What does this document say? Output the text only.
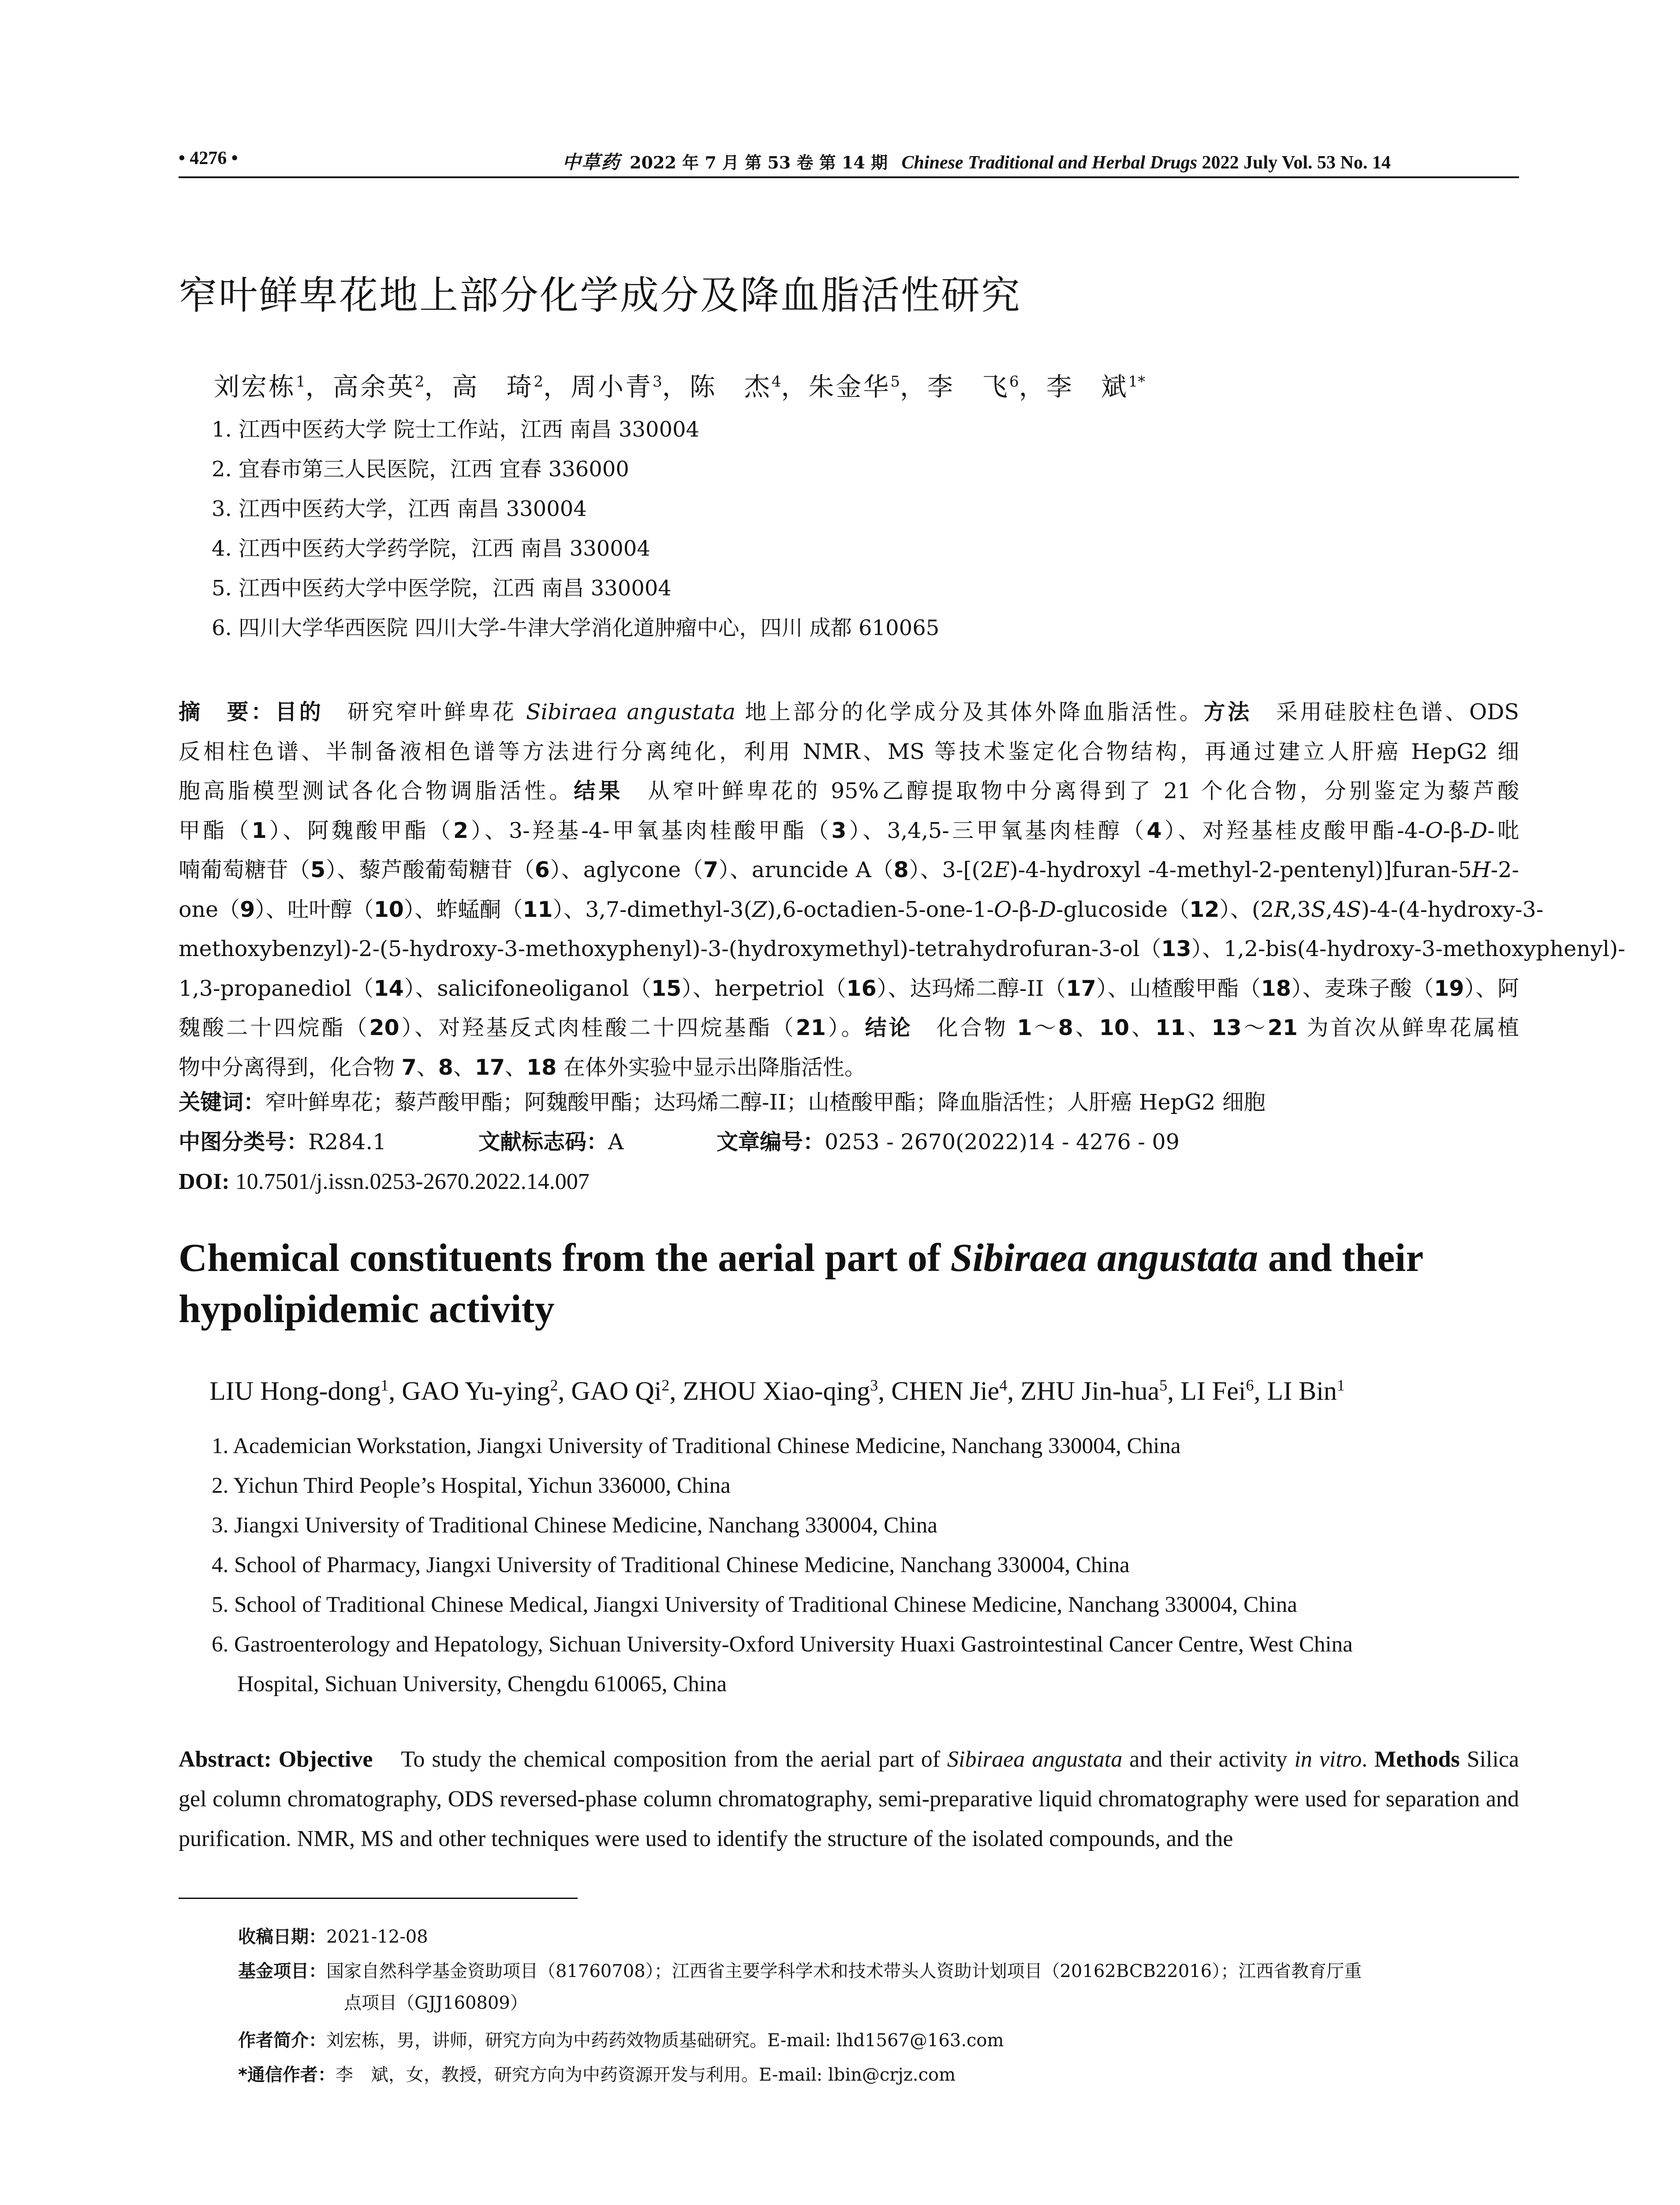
• 4276 •	中草药 2022 年 7 月 第 53 卷 第 14 期 Chinese Traditional and Herbal Drugs 2022 July Vol. 53 No. 14
窄叶鲜卑花地上部分化学成分及降血脂活性研究
刘宏栋$^1$，高余英$^2$，高　琦$^2$，周小青$^3$，陈　杰$^4$，朱金华$^5$，李　飞$^6$，李　斌$^{1*}$
1. 江西中医药大学 院士工作站，江西 南昌 330004
2. 宜春市第三人民医院，江西 宜春 336000
3. 江西中医药大学，江西 南昌 330004
4. 江西中医药大学药学院，江西 南昌 330004
5. 江西中医药大学中医学院，江西 南昌 330004
6. 四川大学华西医院 四川大学-牛津大学消化道肿瘤中心，四川 成都 610065
摘　要：目的　研究窄叶鲜卑花 Sibiraea angustata 地上部分的化学成分及其体外降血脂活性。方法　采用硅胶柱色谱、ODS
反相柱色谱、半制备液相色谱等方法进行分离纯化，利用 NMR、MS 等技术鉴定化合物结构，再通过建立人肝癌 HepG2 细
胞高脂模型测试各化合物调脂活性。结果　从窄叶鲜卑花的 95%乙醇提取物中分离得到了 21 个化合物，分别鉴定为藜芦酸
甲酯（1）、阿魏酸甲酯（2）、3-羟基-4-甲氧基肉桂酸甲酯（3）、3,4,5-三甲氧基肉桂醇（4）、对羟基桂皮酸甲酯-4-O-β-D-吡
喃葡萄糖苷（5）、藜芦酸葡萄糖苷（6）、aglycone（7）、aruncide A（8）、3-[(2E)-4-hydroxyl -4-methyl-2-pentenyl)]furan-5H-2-
one（9）、吐叶醇（10）、蚱蜢酮（11）、3,7-dimethyl-3(Z),6-octadien-5-one-1-O-β-D-glucoside（12）、(2R,3S,4S)-4-(4-hydroxy-3-
methoxybenzyl)-2-(5-hydroxy-3-methoxyphenyl)-3-(hydroxymethyl)-tetrahydrofuran-3-ol（13）、1,2-bis(4-hydroxy-3-methoxyphenyl)-
1,3-propanediol（14）、salicifoneoliganol（15）、herpetriol（16）、达玛烯二醇-II（17）、山楂酸甲酯（18）、麦珠子酸（19）、阿
魏酸二十四烷酯（20）、对羟基反式肉桂酸二十四烷基酯（21）。结论　化合物 1～8、10、11、13～21 为首次从鲜卑花属植
物中分离得到，化合物 7、8、17、18 在体外实验中显示出降脂活性。
关键词：窄叶鲜卑花；藜芦酸甲酯；阿魏酸甲酯；达玛烯二醇-II；山楂酸甲酯；降血脂活性；人肝癌 HepG2 细胞
中图分类号：R284.1	文献标志码：A	文章编号：0253 - 2670(2022)14 - 4276 - 09
DOI: 10.7501/j.issn.0253-2670.2022.14.007
Chemical constituents from the aerial part of Sibiraea angustata and their hypolipidemic activity
LIU Hong-dong$^1$, GAO Yu-ying$^2$, GAO Qi$^2$, ZHOU Xiao-qing$^3$, CHEN Jie$^4$, ZHU Jin-hua$^5$, LI Fei$^6$, LI Bin$^1$
1. Academician Workstation, Jiangxi University of Traditional Chinese Medicine, Nanchang 330004, China
2. Yichun Third People’s Hospital, Yichun 336000, China
3. Jiangxi University of Traditional Chinese Medicine, Nanchang 330004, China
4. School of Pharmacy, Jiangxi University of Traditional Chinese Medicine, Nanchang 330004, China
5. School of Traditional Chinese Medical, Jiangxi University of Traditional Chinese Medicine, Nanchang 330004, China
6. Gastroenterology and Hepatology, Sichuan University-Oxford University Huaxi Gastrointestinal Cancer Centre, West China
Hospital, Sichuan University, Chengdu 610065, China
Abstract: Objective    To study the chemical composition from the aerial part of Sibiraea angustata and their activity in vitro. Methods Silica gel column chromatography, ODS reversed-phase column chromatography, semi-preparative liquid chromatography were used for separation and purification. NMR, MS and other techniques were used to identify the structure of the isolated compounds, and the
收稿日期：2021-12-08
基金项目：国家自然科学基金资助项目（81760708）；江西省主要学科学术和技术带头人资助计划项目（20162BCB22016）；江西省教育厅重
点项目（GJJ160809）
作者简介：刘宏栋，男，讲师，研究方向为中药药效物质基础研究。E-mail: lhd1567@163.com
*通信作者：李　斌，女，教授，研究方向为中药资源开发与利用。E-mail: lbin@crjz.com
